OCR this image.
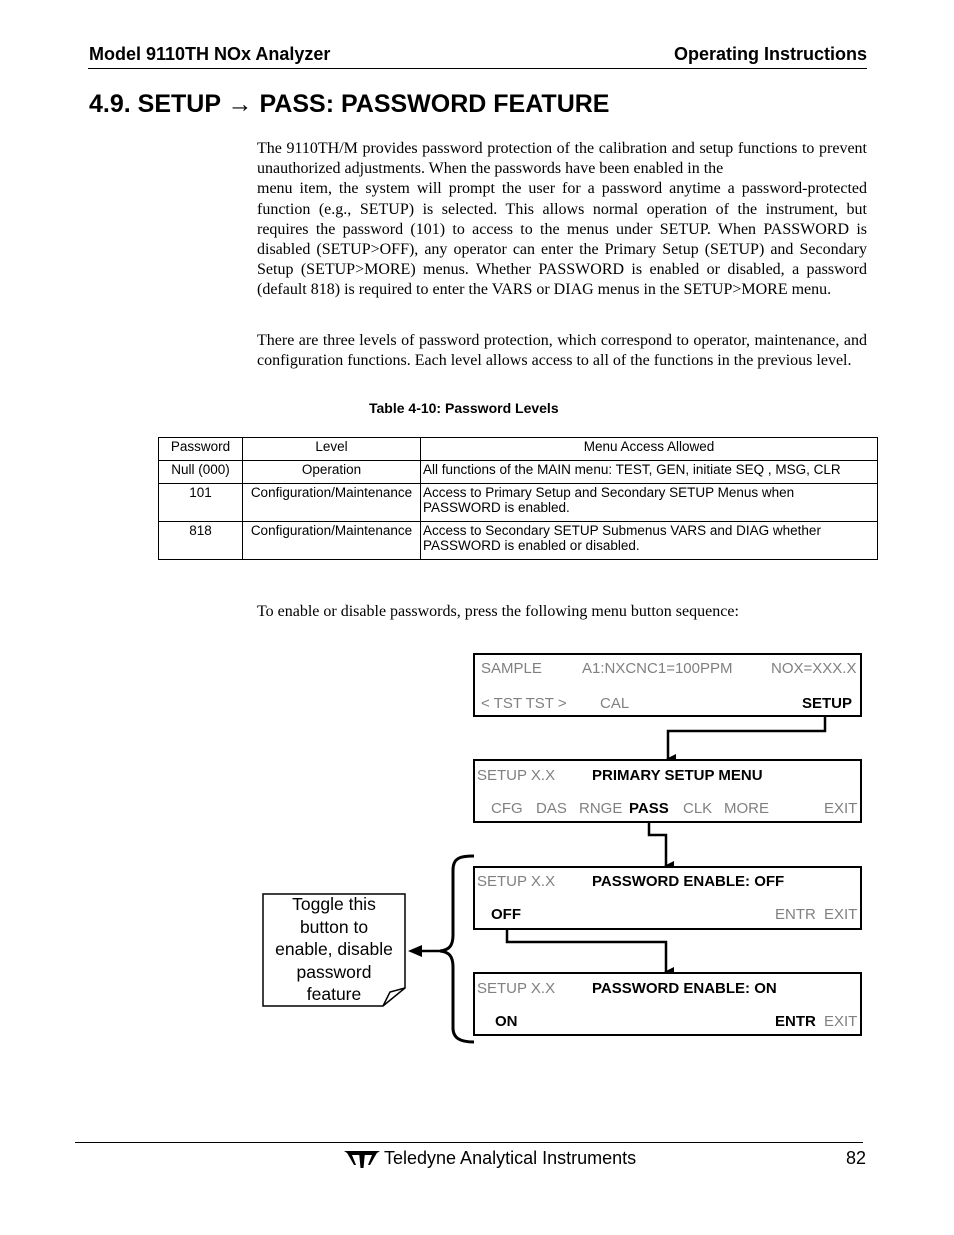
Model 9110TH NOx Analyzer	Operating Instructions
4.9. SETUP → PASS: PASSWORD FEATURE
The 9110TH/M provides password protection of the calibration and setup functions to prevent unauthorized adjustments. When the passwords have been enabled in the
menu item, the system will prompt the user for a password anytime a password-protected function (e.g., SETUP) is selected. This allows normal operation of the instrument, but requires the password (101) to access to the menus under SETUP. When PASSWORD is disabled (SETUP>OFF), any operator can enter the Primary Setup (SETUP) and Secondary Setup (SETUP>MORE) menus. Whether PASSWORD is enabled or disabled, a password (default 818) is required to enter the VARS or DIAG menus in the SETUP>MORE menu.
There are three levels of password protection, which correspond to operator, maintenance, and configuration functions. Each level allows access to all of the functions in the previous level.
Table 4-10: Password Levels
Password	Level	Menu Access Allowed
Null (000)	Operation	All functions of the MAIN menu: TEST, GEN, initiate SEQ , MSG, CLR
101	Configuration/Maintenance	Access to Primary Setup and Secondary SETUP Menus when PASSWORD is enabled.
818	Configuration/Maintenance	Access to Secondary SETUP Submenus VARS and DIAG whether PASSWORD is enabled or disabled.
To enable or disable passwords, press the following menu button sequence:
Toggle this
button to
enable, disable
password
feature
SAMPLE	A1:NXCNC1=100PPM	NOX=XXX.X
< TST TST > CAL	SETUP
SETUP X.X PRIMARY SETUP MENU
CFG DAS RNGE PASS CLK MORE	EXIT
SETUP X.X PASSWORD ENABLE: OFF
OFF	ENTR EXIT
SETUP X.X PASSWORD ENABLE: ON
ON	ENTR EXIT
Teledyne Analytical Instruments	82
